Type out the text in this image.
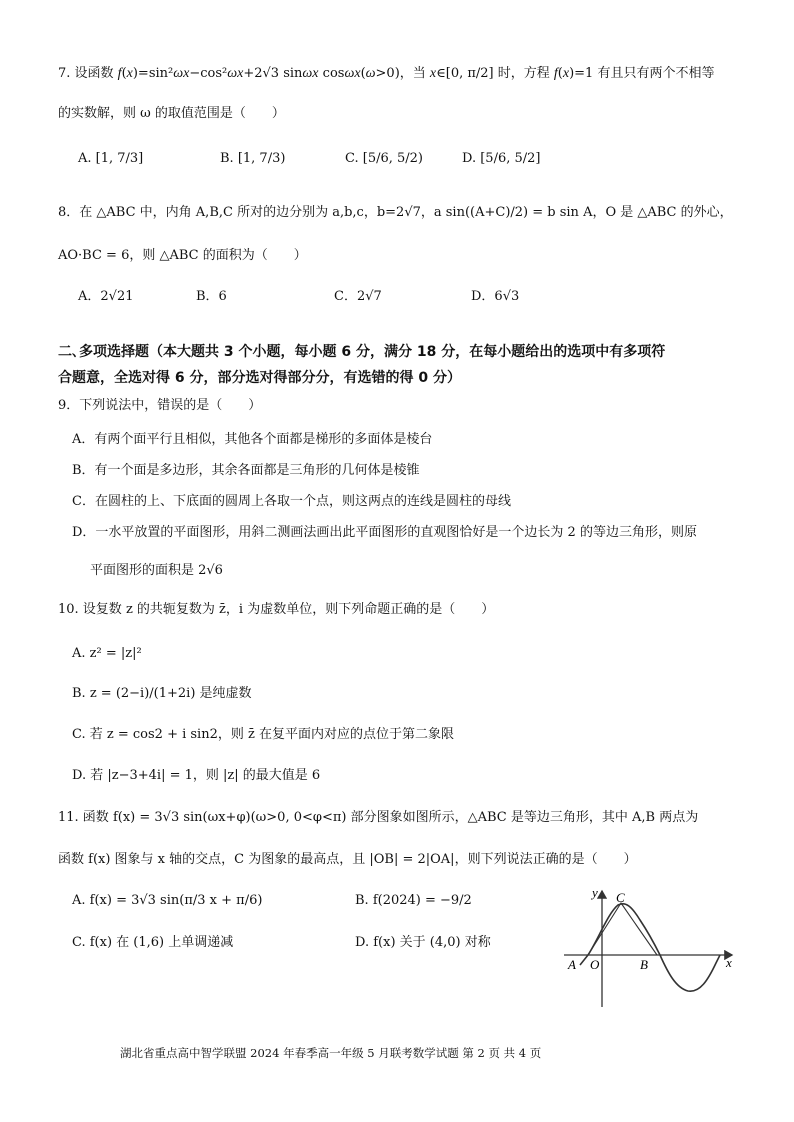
7. 设函数 f(x)=sin²ωx−cos²ωx+2√3 sinωx cosωx(ω>0)，当 x∈[0, π/2] 时，方程 f(x)=1 有且只有两个不相等
的实数解，则 ω 的取值范围是（　　）
A. [1, 7/3]	B. [1, 7/3)	C. [5/6, 5/2)	D. [5/6, 5/2]
8．在 △ABC 中，内角 A,B,C 所对的边分别为 a,b,c，b=2√7，a sin((A+C)/2) = b sin A，O 是 △ABC 的外心，
AO·BC = 6，则 △ABC 的面积为（　　）
A．2√21	B．6	C．2√7	D．6√3
二､多项选择题（本大题共 3 个小题，每小题 6 分，满分 18 分，在每小题给出的选项中有多项符
合题意，全选对得 6 分，部分选对得部分分，有选错的得 0 分）
9．下列说法中，错误的是（　　）
A．有两个面平行且相似，其他各个面都是梯形的多面体是棱台
B．有一个面是多边形，其余各面都是三角形的几何体是棱锥
C．在圆柱的上、下底面的圆周上各取一个点，则这两点的连线是圆柱的母线
D．一水平放置的平面图形，用斜二测画法画出此平面图形的直观图恰好是一个边长为 2 的等边三角形，则原
平面图形的面积是 2√6
10. 设复数 z 的共轭复数为 z̄，i 为虚数单位，则下列命题正确的是（　　）
A. z² = |z|²
B. z = (2−i)/(1+2i) 是纯虚数
C. 若 z = cos2 + i sin2，则 z̄ 在复平面内对应的点位于第二象限
D. 若 |z−3+4i| = 1，则 |z| 的最大值是 6
11. 函数 f(x) = 3√3 sin(ωx+φ)(ω>0, 0<φ<π) 部分图象如图所示，△ABC 是等边三角形，其中 A,B 两点为
函数 f(x) 图象与 x 轴的交点，C 为图象的最高点，且 |OB| = 2|OA|，则下列说法正确的是（　　）
A. f(x) = 3√3 sin(π/3 x + π/6)	B. f(2024) = −9/2
C. f(x) 在 (1,6) 上单调递减	D. f(x) 关于 (4,0) 对称
y
x
A O	B
C
湖北省重点高中智学联盟 2024 年春季高一年级 5 月联考数学试题 第 2 页 共 4 页
